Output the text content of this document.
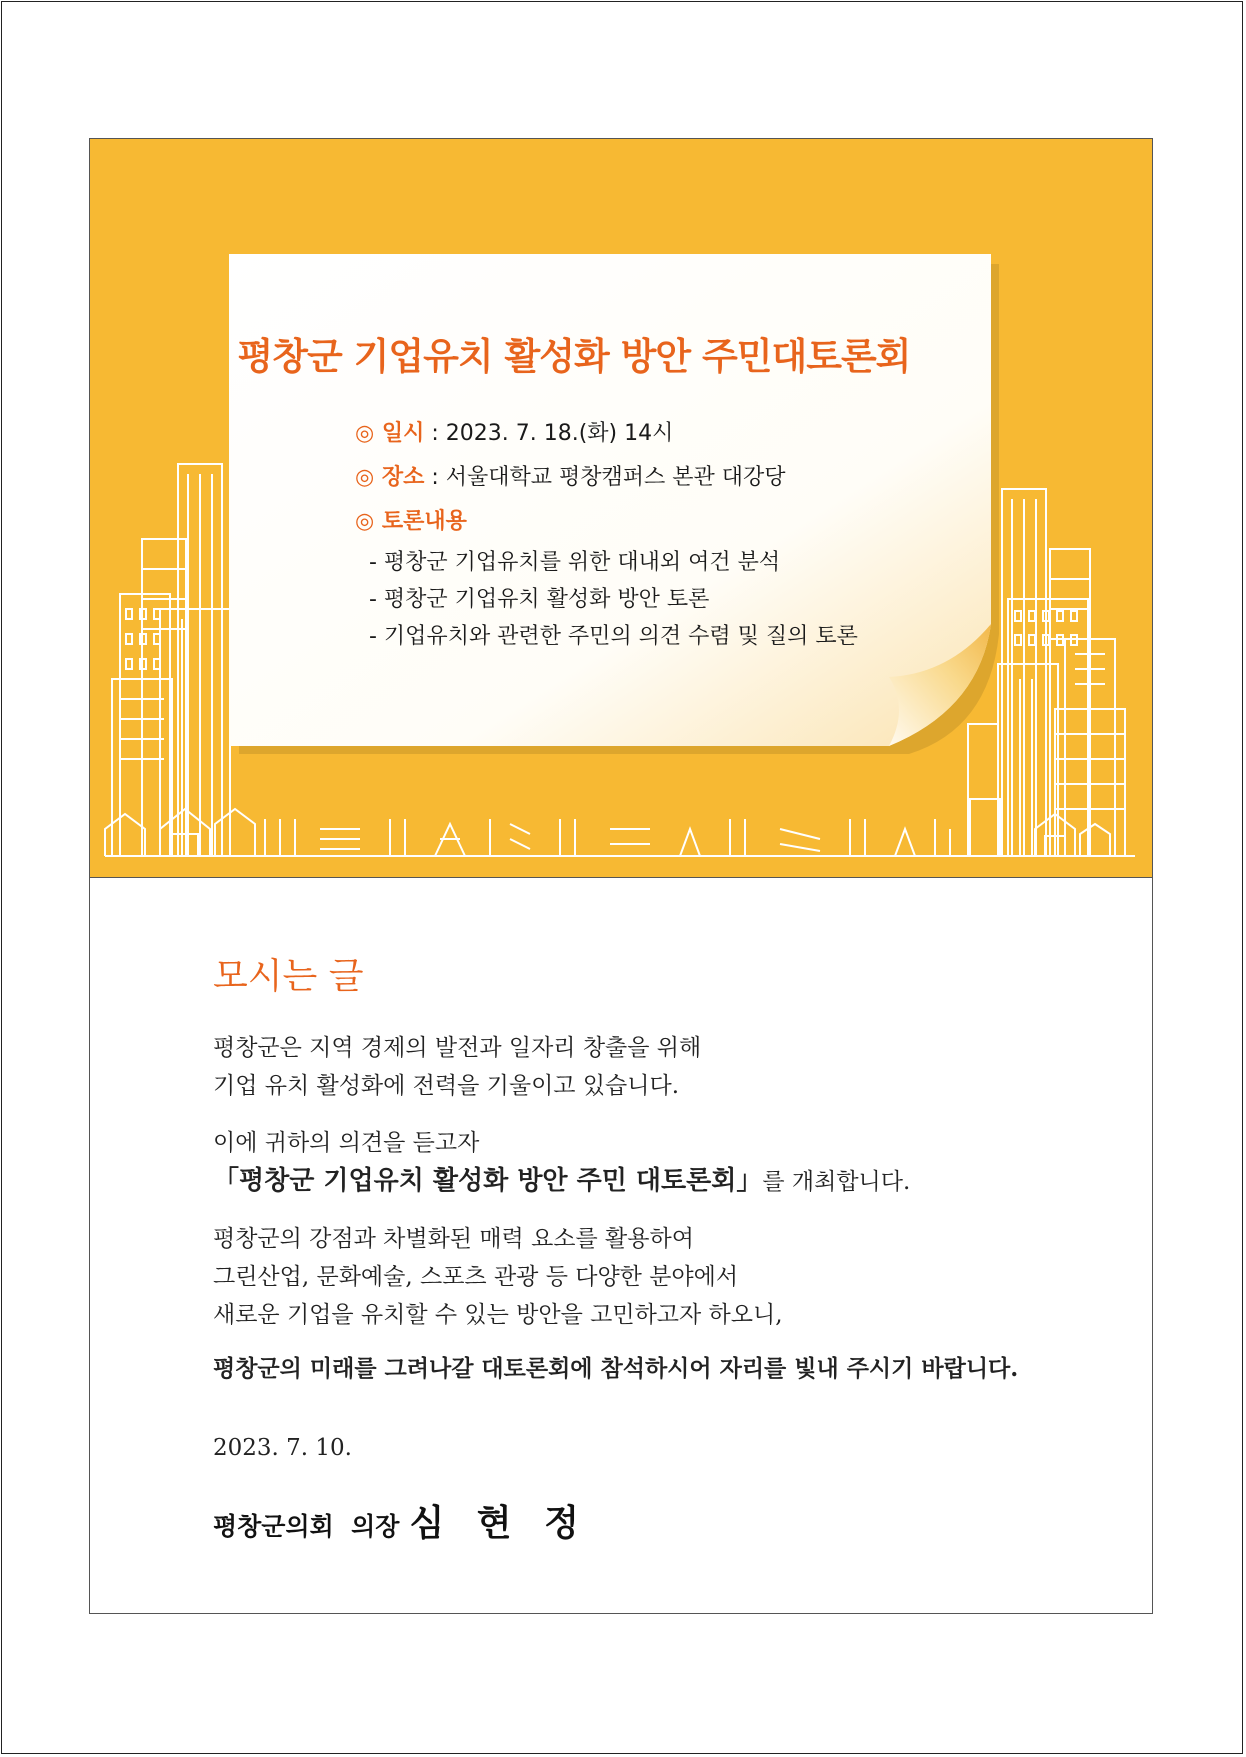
평창군 기업유치 활성화 방안 주민대토론회
◎ 일시 : 2023. 7. 18.(화) 14시
◎ 장소 : 서울대학교 평창캠퍼스 본관 대강당
◎ 토론내용
- 평창군 기업유치를 위한 대내외 여건 분석
- 평창군 기업유치 활성화 방안 토론
- 기업유치와 관련한 주민의 의견 수렴 및 질의 토론
모시는 글
평창군은 지역 경제의 발전과 일자리 창출을 위해
기업 유치 활성화에 전력을 기울이고 있습니다.
이에 귀하의 의견을 듣고자
「평창군 기업유치 활성화 방안 주민 대토론회」를 개최합니다.
평창군의 강점과 차별화된 매력 요소를 활용하여
그린산업, 문화예술, 스포츠 관광 등 다양한 분야에서
새로운 기업을 유치할 수 있는 방안을 고민하고자 하오니,
평창군의 미래를 그려나갈 대토론회에 참석하시어 자리를 빛내 주시기 바랍니다.
2023. 7. 10.
평창군의회  의장 심 현 정
